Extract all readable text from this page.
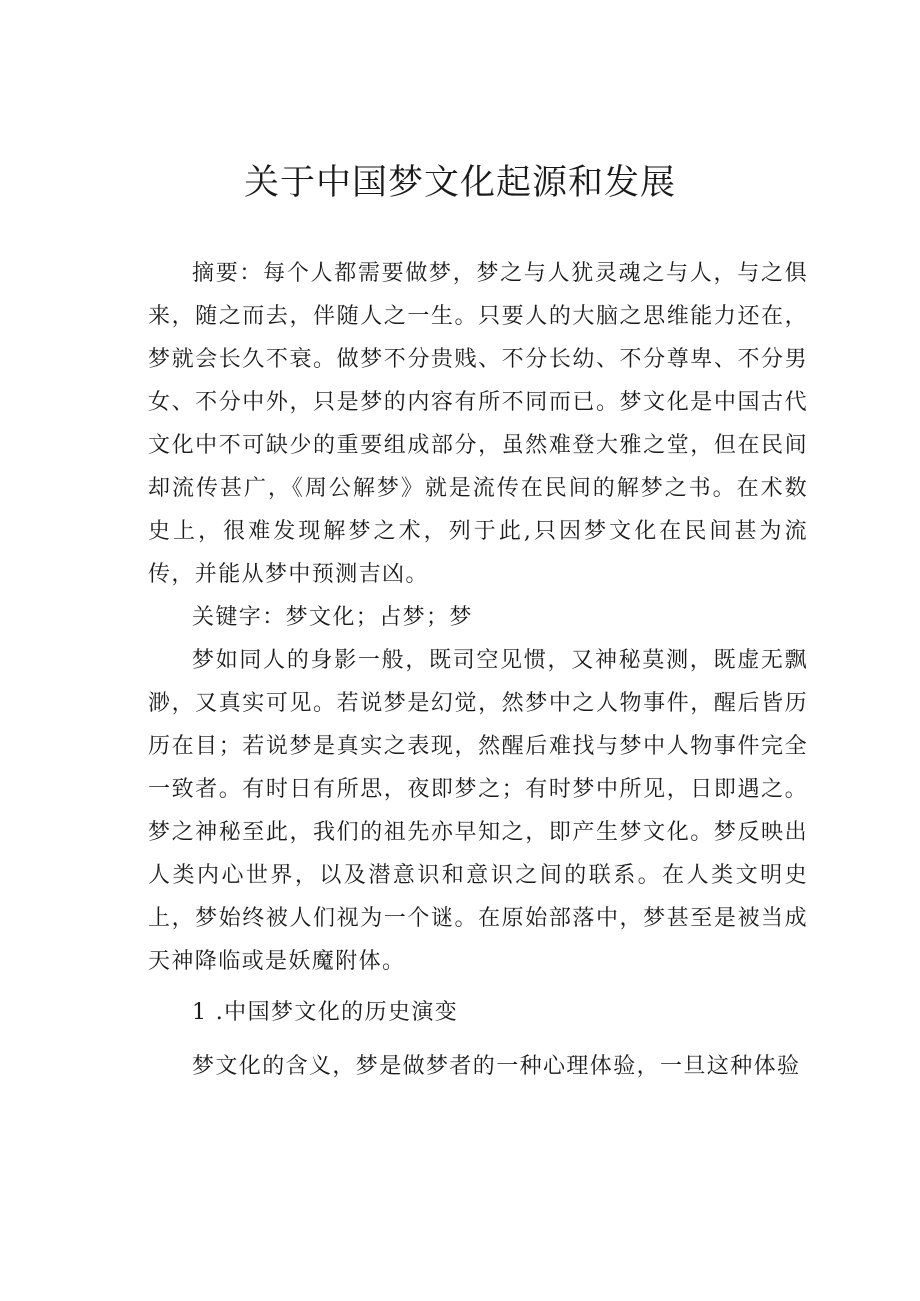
关于中国梦文化起源和发展

摘要：每个人都需要做梦，梦之与人犹灵魂之与人，与之俱来，随之而去，伴随人之一生。只要人的大脑之思维能力还在，梦就会长久不衰。做梦不分贵贱、不分长幼、不分尊卑、不分男女、不分中外，只是梦的内容有所不同而已。梦文化是中国古代文化中不可缺少的重要组成部分，虽然难登大雅之堂，但在民间却流传甚广，《周公解梦》就是流传在民间的解梦之书。在术数史上，很难发现解梦之术，列于此,只因梦文化在民间甚为流传，并能从梦中预测吉凶。

关键字：梦文化；占梦；梦

梦如同人的身影一般，既司空见惯，又神秘莫测，既虚无飘渺，又真实可见。若说梦是幻觉，然梦中之人物事件，醒后皆历历在目；若说梦是真实之表现，然醒后难找与梦中人物事件完全一致者。有时日有所思，夜即梦之；有时梦中所见，日即遇之。梦之神秘至此，我们的祖先亦早知之，即产生梦文化。梦反映出人类内心世界，以及潜意识和意识之间的联系。在人类文明史上，梦始终被人们视为一个谜。在原始部落中，梦甚至是被当成天神降临或是妖魔附体。

1 .中国梦文化的历史演变

梦文化的含义，梦是做梦者的一种心理体验，一旦这种体验
